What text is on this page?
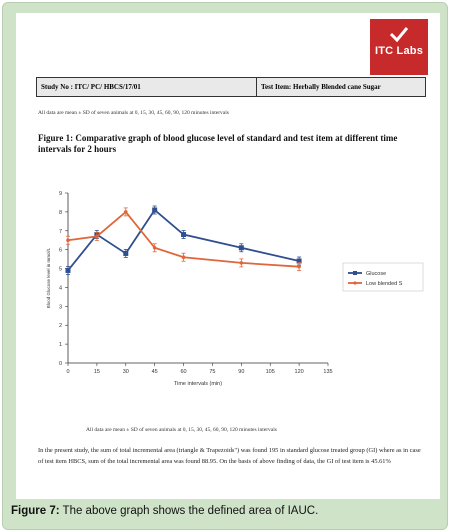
ITC Labs
Study No : ITC/ PC/ HBCS/17/01	Test Item: Herbally Blended cane Sugar
All data are mean ± SD of seven animals at 0, 15, 30, 45, 60, 90, 120 minutes intervals
Figure 1: Comparative graph of blood glucose level of standard and test item at different time intervals for 2 hours
0
1
2
3
4
5
6
7
8
9
0	15	30	45	60	75	90	105	120	135
Time intervals (min)
Blood Glucose level in mmol/L	Glucose
Low blended S
All data are mean ± SD of seven animals at 0, 15, 30, 45, 60, 90, 120 minutes intervals
In the present study, the sum of total incremental area (triangle & Trapezoids") was found 195 in standard glucose treated group (GI) where as in case of test item HBCS, sum of the total incremental area was found 88.95. On the basis of above finding of data, the GI of test item is 45.61%
Figure 7: The above graph shows the defined area of IAUC.
